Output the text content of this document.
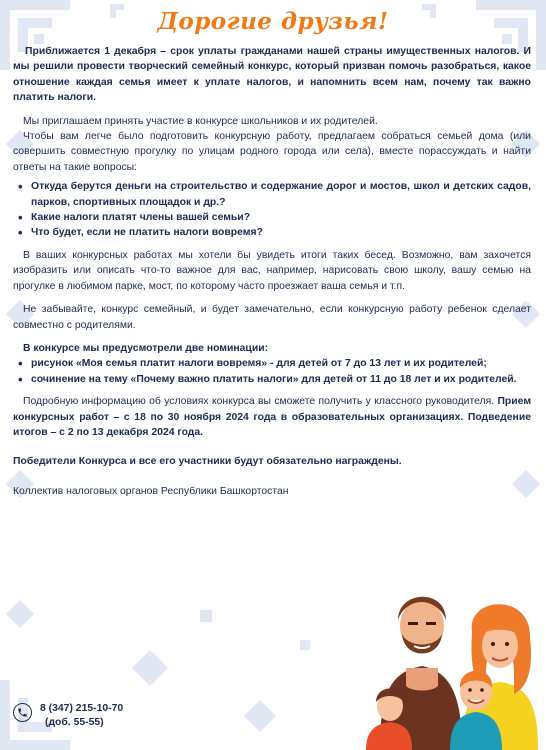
Дорогие друзья!

Приближается 1 декабря – срок уплаты гражданами нашей страны имущественных налогов. И мы решили провести творческий семейный конкурс, который призван помочь разобраться, какое отношение каждая семья имеет к уплате налогов, и напомнить всем нам, почему так важно платить налоги.

Мы приглашаем принять участие в конкурсе школьников и их родителей.

Чтобы вам легче было подготовить конкурсную работу, предлагаем собраться семьей дома (или совершить совместную прогулку по улицам родного города или села), вместе порассуждать и найти ответы на такие вопросы:

• Откуда берутся деньги на строительство и содержание дорог и мостов, школ и детских садов, парков, спортивных площадок и др.?
• Какие налоги платят члены вашей семьи?
• Что будет, если не платить налоги вовремя?

В ваших конкурсных работах мы хотели бы увидеть итоги таких бесед. Возможно, вам захочется изобразить или описать что-то важное для вас, например, нарисовать свою школу, вашу семью на прогулке в любимом парке, мост, по которому часто проезжает ваша семья и т.п.

Не забывайте, конкурс семейный, и будет замечательно, если конкурсную работу ребенок сделает совместно с родителями.

В конкурсе мы предусмотрели две номинации:

• рисунок «Моя семья платит налоги вовремя» - для детей от 7 до 13 лет и их родителей;
• сочинение на тему «Почему важно платить налоги» для детей от 11 до 18 лет и их родителей.

Подробную информацию об условиях конкурса вы сможете получить у классного руководителя. Прием конкурсных работ – с 18 по 30 ноября 2024 года в образовательных организациях. Подведение итогов – с 2 по 13 декабря 2024 года.

Победители Конкурса и все его участники будут обязательно награждены.

Коллектив налоговых органов Республики Башкортостан

8 (347) 215-10-70
(доб. 55-55)
